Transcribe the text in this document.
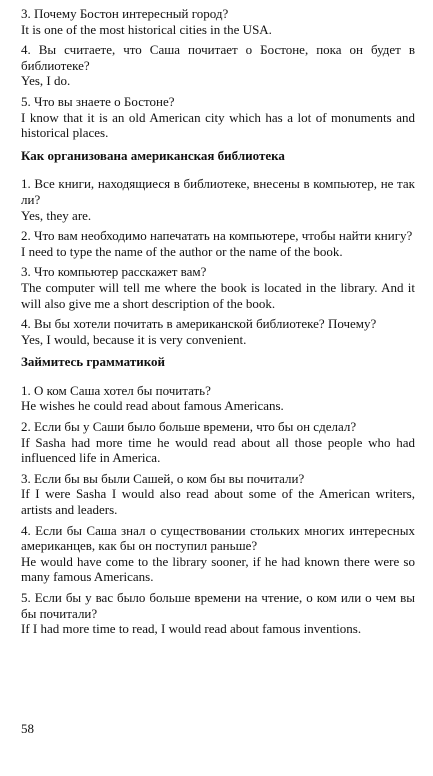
3. Почему Бостон интересный город?

It is one of the most historical cities in the USA.

4. Вы считаете, что Саша почитает о Бостоне, пока он будет в библиотеке?

Yes, I do.

5. Что вы знаете о Бостоне?

I know that it is an old American city which has a lot of monuments and historical places.

Как организована американская библиотека

1. Все книги, находящиеся в библиотеке, внесены в компьютер, не так ли?

Yes, they are.

2. Что вам необходимо напечатать на компьютере, чтобы найти книгу?

I need to type the name of the author or the name of the book.

3. Что компьютер расскажет вам?

The computer will tell me where the book is located in the library. And it will also give me a short description of the book.

4. Вы бы хотели почитать в американской библиотеке? Почему?

Yes, I would, because it is very convenient.

Займитесь грамматикой

1. О ком Саша хотел бы почитать?

He wishes he could read about famous Americans.

2. Если бы у Саши было больше времени, что бы он сделал?

If Sasha had more time he would read about all those people who had influenced life in America.

3. Если бы вы были Сашей, о ком бы вы почитали?

If I were Sasha I would also read about some of the American writers, artists and leaders.

4. Если бы Саша знал о существовании стольких многих интересных американцев, как бы он поступил раньше?

He would have come to the library sooner, if he had known there were so many famous Americans.

5. Если бы у вас было больше времени на чтение, о ком или о чем вы бы почитали?

If I had more time to read, I would read about famous inventions.

58
